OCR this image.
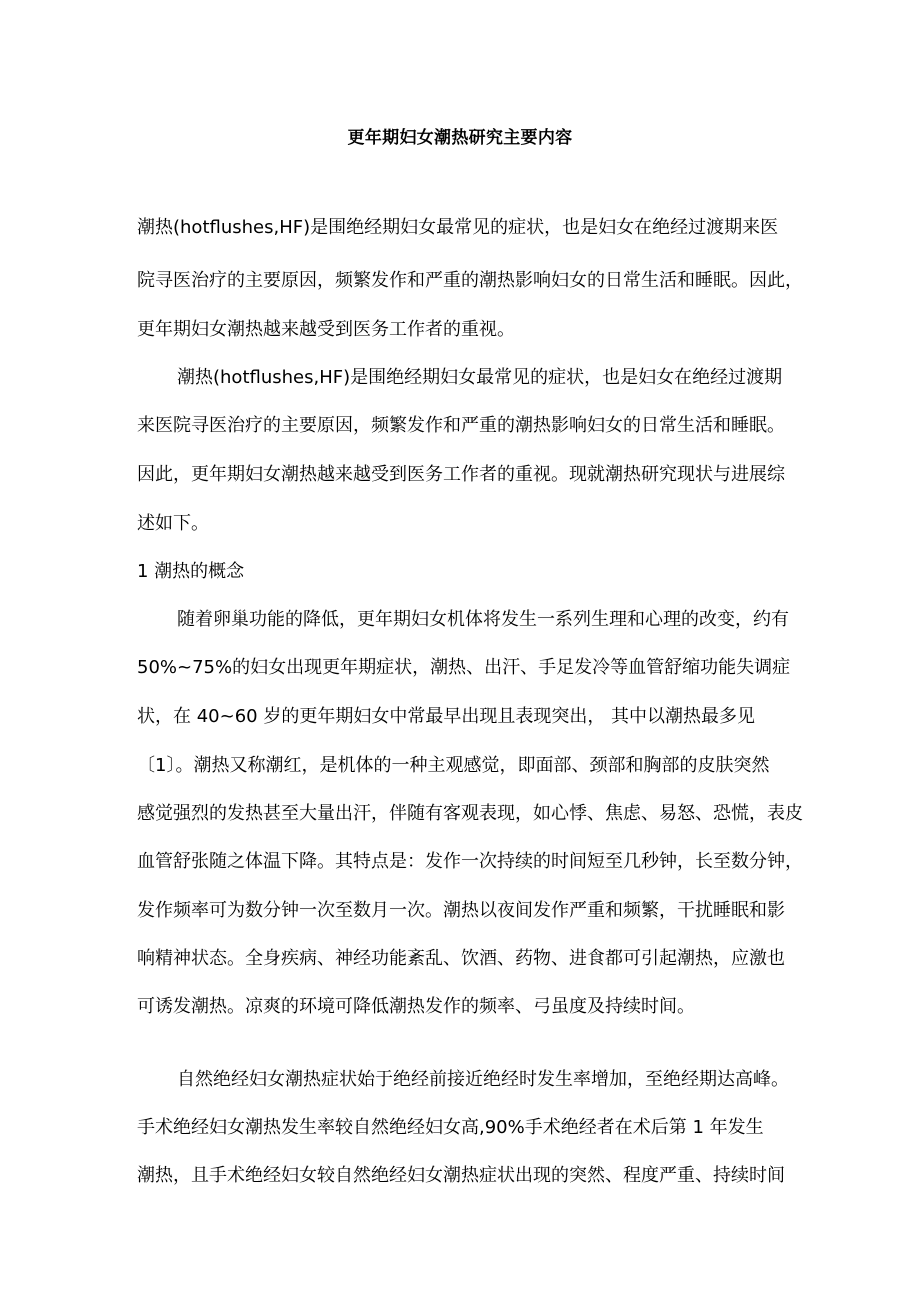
更年期妇女潮热研究主要内容
潮热(hotflushes,HF)是围绝经期妇女最常见的症状，也是妇女在绝经过渡期来医
院寻医治疗的主要原因，频繁发作和严重的潮热影响妇女的日常生活和睡眠。因此，
更年期妇女潮热越来越受到医务工作者的重视。
潮热(hotflushes,HF)是围绝经期妇女最常见的症状，也是妇女在绝经过渡期
来医院寻医治疗的主要原因，频繁发作和严重的潮热影响妇女的日常生活和睡眠。
因此，更年期妇女潮热越来越受到医务工作者的重视。现就潮热研究现状与进展综
述如下。
1 潮热的概念
随着卵巢功能的降低，更年期妇女机体将发生一系列生理和心理的改变，约有
50%~75%的妇女出现更年期症状，潮热、出汗、手足发冷等血管舒缩功能失调症
状，在 40~60 岁的更年期妇女中常最早出现且表现突出， 其中以潮热最多见
〔1〕。潮热又称潮红，是机体的一种主观感觉，即面部、颈部和胸部的皮肤突然
感觉强烈的发热甚至大量出汗，伴随有客观表现，如心悸、焦虑、易怒、恐慌，表皮
血管舒张随之体温下降。其特点是：发作一次持续的时间短至几秒钟，长至数分钟，
发作频率可为数分钟一次至数月一次。潮热以夜间发作严重和频繁，干扰睡眠和影
响精神状态。全身疾病、神经功能紊乱、饮酒、药物、进食都可引起潮热，应激也
可诱发潮热。凉爽的环境可降低潮热发作的频率、弓虽度及持续时间。
自然绝经妇女潮热症状始于绝经前接近绝经时发生率增加，至绝经期达高峰。
手术绝经妇女潮热发生率较自然绝经妇女高,90%手术绝经者在术后第 1 年发生
潮热，且手术绝经妇女较自然绝经妇女潮热症状出现的突然、程度严重、持续时间
